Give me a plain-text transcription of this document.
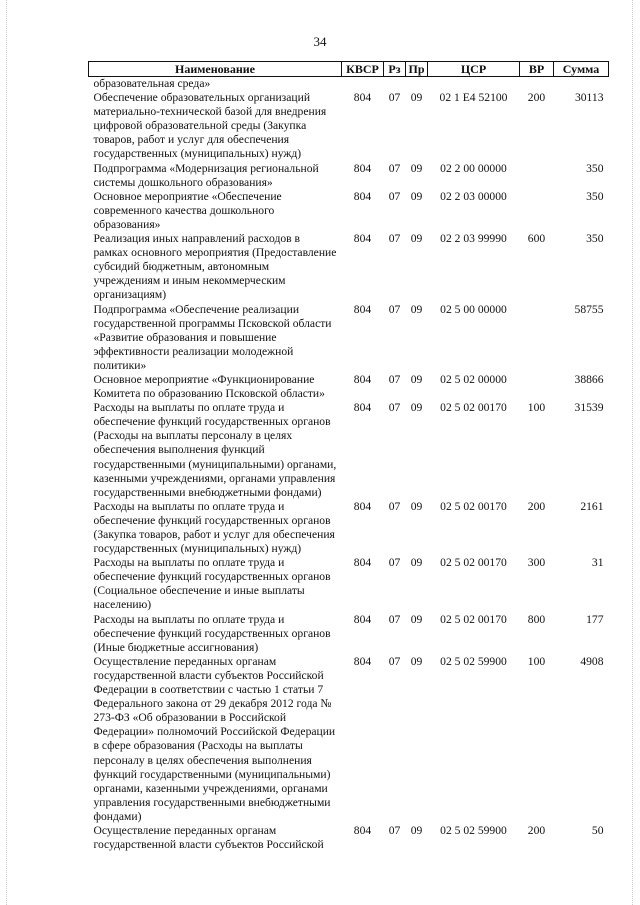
34
Наименование	КВСР	Рз	Пр	ЦСР	ВР	Сумма
образовательная среда»						
Обеспечение образовательных организаций материально-технической базой для внедрения цифровой образовательной среды (Закупка товаров, работ и услуг для обеспечения государственных (муниципальных) нужд)	804	07	09	02 1 Е4 52100	200	30113
Подпрограмма «Модернизация региональной системы дошкольного образования»	804	07	09	02 2 00 00000		350
Основное мероприятие «Обеспечение современного качества дошкольного образования»	804	07	09	02 2 03 00000		350
Реализация иных направлений расходов в рамках основного мероприятия (Предоставление субсидий бюджетным, автономным учреждениям и иным некоммерческим организациям)	804	07	09	02 2 03 99990	600	350
Подпрограмма «Обеспечение реализации государственной программы Псковской области «Развитие образования и повышение эффективности реализации молодежной политики»	804	07	09	02 5 00 00000		58755
Основное мероприятие «Функционирование Комитета по образованию Псковской области»	804	07	09	02 5 02 00000		38866
Расходы на выплаты по оплате труда и обеспечение функций государственных органов (Расходы на выплаты персоналу в целях обеспечения выполнения функций государственными (муниципальными) органами, казенными учреждениями, органами управления государственными внебюджетными фондами)	804	07	09	02 5 02 00170	100	31539
Расходы на выплаты по оплате труда и обеспечение функций государственных органов (Закупка товаров, работ и услуг для обеспечения государственных (муниципальных) нужд)	804	07	09	02 5 02 00170	200	2161
Расходы на выплаты по оплате труда и обеспечение функций государственных органов (Социальное обеспечение и иные выплаты населению)	804	07	09	02 5 02 00170	300	31
Расходы на выплаты по оплате труда и обеспечение функций государственных органов (Иные бюджетные ассигнования)	804	07	09	02 5 02 00170	800	177
Осуществление переданных органам государственной власти субъектов Российской Федерации в соответствии с частью 1 статьи 7 Федерального закона от 29 декабря 2012 года № 273-ФЗ «Об образовании в Российской Федерации» полномочий Российской Федерации в сфере образования (Расходы на выплаты персоналу в целях обеспечения выполнения функций государственными (муниципальными) органами, казенными учреждениями, органами управления государственными внебюджетными фондами)	804	07	09	02 5 02 59900	100	4908
Осуществление переданных органам государственной власти субъектов Российской	804	07	09	02 5 02 59900	200	50
